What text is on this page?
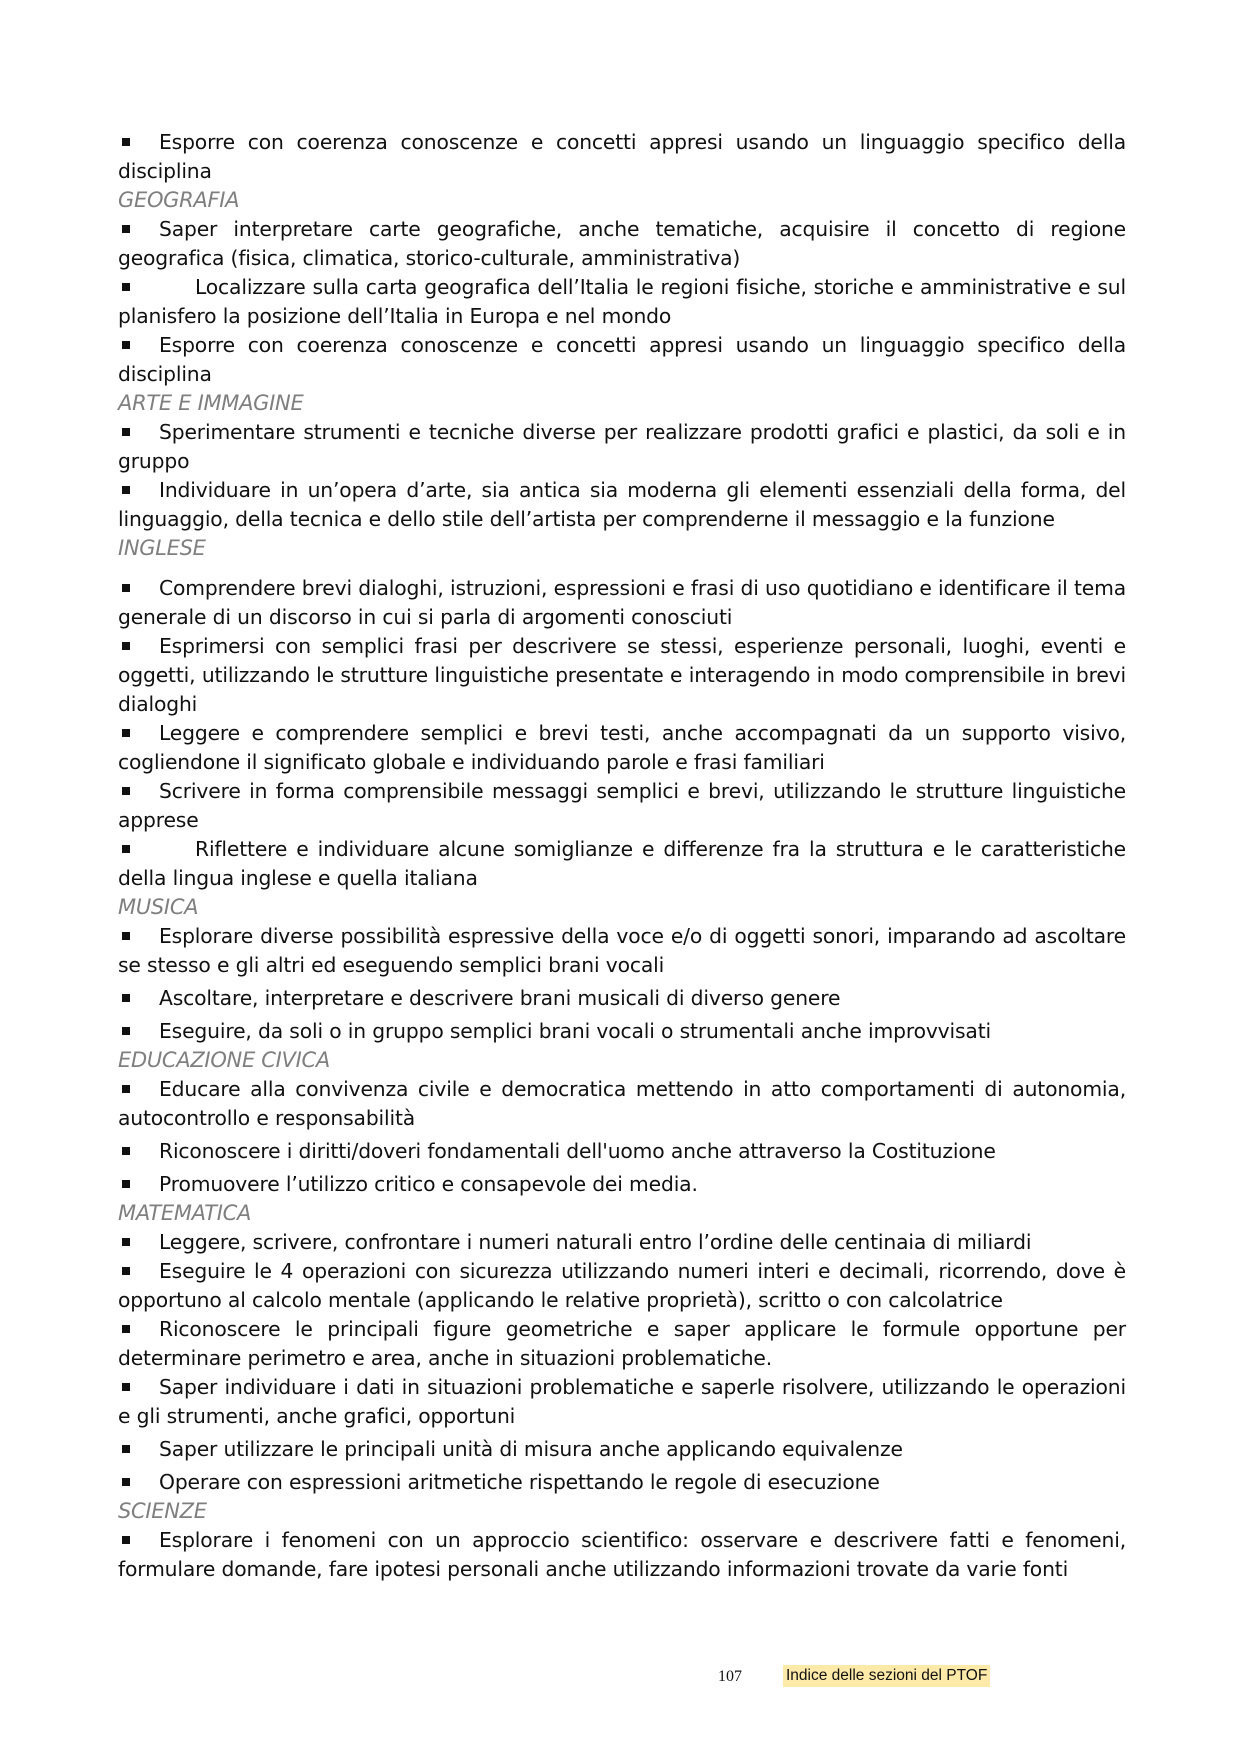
Esporre con coerenza conoscenze e concetti appresi usando un linguaggio specifico della disciplina

GEOGRAFIA

Saper interpretare carte geografiche, anche tematiche, acquisire il concetto di regione geografica (fisica, climatica, storico-culturale, amministrativa)

Localizzare sulla carta geografica dell’Italia le regioni fisiche, storiche e amministrative e sul planisfero la posizione dell’Italia in Europa e nel mondo

Esporre con coerenza conoscenze e concetti appresi usando un linguaggio specifico della disciplina

ARTE E IMMAGINE

Sperimentare strumenti e tecniche diverse per realizzare prodotti grafici e plastici, da soli e in gruppo

Individuare in un’opera d’arte, sia antica sia moderna gli elementi essenziali della forma, del linguaggio, della tecnica e dello stile dell’artista per comprenderne il messaggio e la funzione

INGLESE

Comprendere brevi dialoghi, istruzioni, espressioni e frasi di uso quotidiano e identificare il tema generale di un discorso in cui si parla di argomenti conosciuti

Esprimersi con semplici frasi per descrivere se stessi, esperienze personali, luoghi, eventi e oggetti, utilizzando le strutture linguistiche presentate e interagendo in modo comprensibile in brevi dialoghi

Leggere e comprendere semplici e brevi testi, anche accompagnati da un supporto visivo, cogliendone il significato globale e individuando parole e frasi familiari

Scrivere in forma comprensibile messaggi semplici e brevi, utilizzando le strutture linguistiche apprese

Riflettere e individuare alcune somiglianze e differenze fra la struttura e le caratteristiche della lingua inglese e quella italiana

MUSICA

Esplorare diverse possibilità espressive della voce e/o di oggetti sonori, imparando ad ascoltare se stesso e gli altri ed eseguendo semplici brani vocali

Ascoltare, interpretare e descrivere brani musicali di diverso genere

Eseguire, da soli o in gruppo semplici brani vocali o strumentali anche improvvisati

EDUCAZIONE CIVICA

Educare alla convivenza civile e democratica mettendo in atto comportamenti di autonomia, autocontrollo e responsabilità

Riconoscere i diritti/doveri fondamentali dell'uomo anche attraverso la Costituzione

Promuovere l’utilizzo critico e consapevole dei media.

MATEMATICA

Leggere, scrivere, confrontare i numeri naturali entro l’ordine delle centinaia di miliardi

Eseguire le 4 operazioni con sicurezza utilizzando numeri interi e decimali, ricorrendo, dove è opportuno al calcolo mentale (applicando le relative proprietà), scritto o con calcolatrice

Riconoscere le principali figure geometriche e saper applicare le formule opportune per determinare perimetro e area, anche in situazioni problematiche.

Saper individuare i dati in situazioni problematiche e saperle risolvere, utilizzando le operazioni e gli strumenti, anche grafici, opportuni

Saper utilizzare le principali unità di misura anche applicando equivalenze

Operare con espressioni aritmetiche rispettando le regole di esecuzione

SCIENZE

Esplorare i fenomeni con un approccio scientifico: osservare e descrivere fatti e fenomeni, formulare domande, fare ipotesi personali anche utilizzando informazioni trovate da varie fonti

107	Indice delle sezioni del PTOF
